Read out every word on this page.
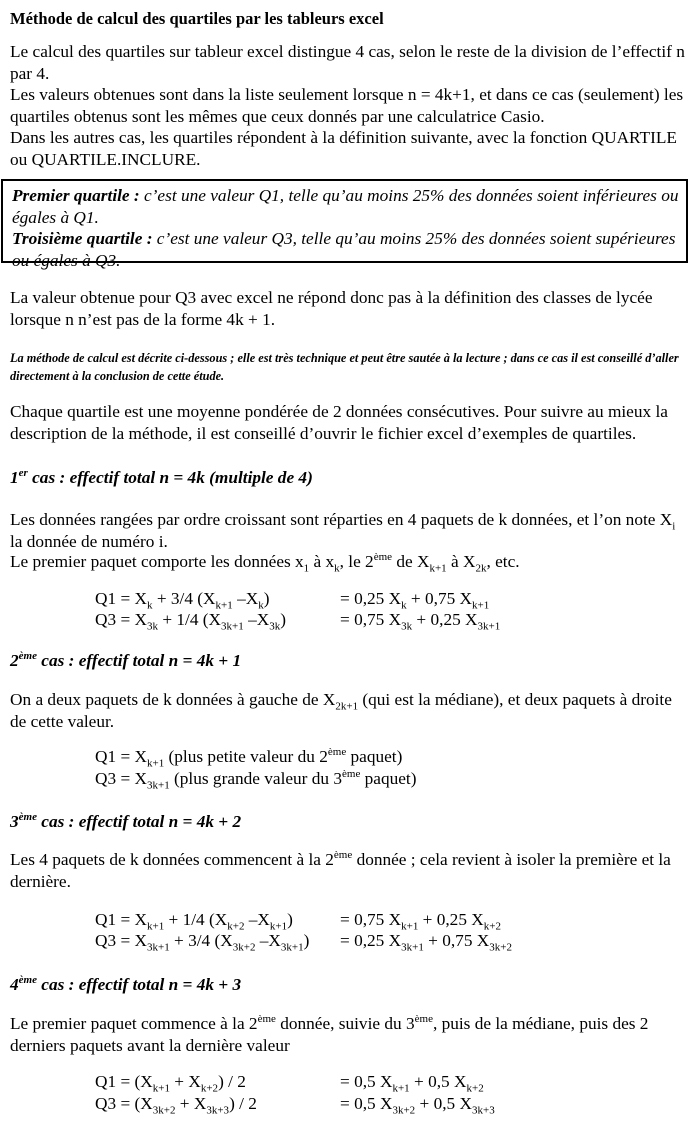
Méthode de calcul des quartiles par les tableurs excel
Le calcul des quartiles sur tableur excel distingue 4 cas, selon le reste de la division de l’effectif n par 4.
Les valeurs obtenues sont dans la liste seulement lorsque n = 4k+1, et dans ce cas (seulement) les quartiles obtenus sont les mêmes que ceux donnés par une calculatrice Casio.
Dans les autres cas, les quartiles répondent à la définition suivante, avec la fonction QUARTILE ou QUARTILE.INCLURE.
Premier quartile : c’est une valeur Q1, telle qu’au moins 25% des données soient inférieures ou égales à Q1.
Troisième quartile : c’est une valeur Q3, telle qu’au moins 25% des données soient supérieures ou égales à Q3.
La valeur obtenue pour Q3 avec excel ne répond donc pas à la définition des classes de lycée lorsque n n’est pas de la forme 4k + 1.
La méthode de calcul est décrite ci-dessous ; elle est très technique et peut être sautée à la lecture ; dans ce cas il est conseillé d’aller directement à la conclusion de cette étude.
Chaque quartile est une moyenne pondérée de 2 données consécutives. Pour suivre au mieux la description de la méthode, il est conseillé d’ouvrir le fichier excel d’exemples de quartiles.
1er cas : effectif total n = 4k (multiple de 4)
Les données rangées par ordre croissant sont réparties en 4 paquets de k données, et l’on note $X_i$ la donnée de numéro i.
Le premier paquet comporte les données $x_1$ à $x_k$, le 2ème de $X_{k+1}$ à $X_{2k}$, etc.
$Q1 = X_k + 3/4$ ($X_{k+1}$ $-X_k$)	= 0,25 $X_k + 0,75$ $X_{k+1}$
$Q3 = X_{3k} + 1/4$ ($X_{3k+1}$ $-X_{3k}$)	= 0,75 $X_{3k} + 0,25$ $X_{3k+1}$
2ème cas : effectif total n = 4k + 1
On a deux paquets de k données à gauche de $X_{2k+1}$ (qui est la médiane), et deux paquets à droite de cette valeur.
$Q1 = X_{k+1}$ (plus petite valeur du 2ème paquet)
$Q3 = X_{3k+1}$ (plus grande valeur du 3ème paquet)
3ème cas : effectif total n = 4k + 2
Les 4 paquets de k données commencent à la 2ème donnée ; cela revient à isoler la première et la dernière.
$Q1 = X_{k+1} + 1/4$ ($X_{k+2}$ $-X_{k+1}$)	= 0,75 $X_{k+1} + 0,25$ $X_{k+2}$
$Q3 = X_{3k+1} + 3/4$ ($X_{3k+2}$ $-X_{3k+1}) = 0,25$ $X_{3k+1} + 0,75$ $X_{3k+2}$
4ème cas : effectif total n = 4k + 3
Le premier paquet commence à la 2ème donnée, suivie du 3ème, puis de la médiane, puis des 2 derniers paquets avant la dernière valeur
$Q1 = (X_{k+1} + X_{k+2}) / 2$	= 0,5 $X_{k+1} + 0,5$ $X_{k+2}$
$Q3 = (X_{3k+2} + X_{3k+3}) / 2$	= 0,5 $X_{3k+2} + 0,5$ $X_{3k+3}$
